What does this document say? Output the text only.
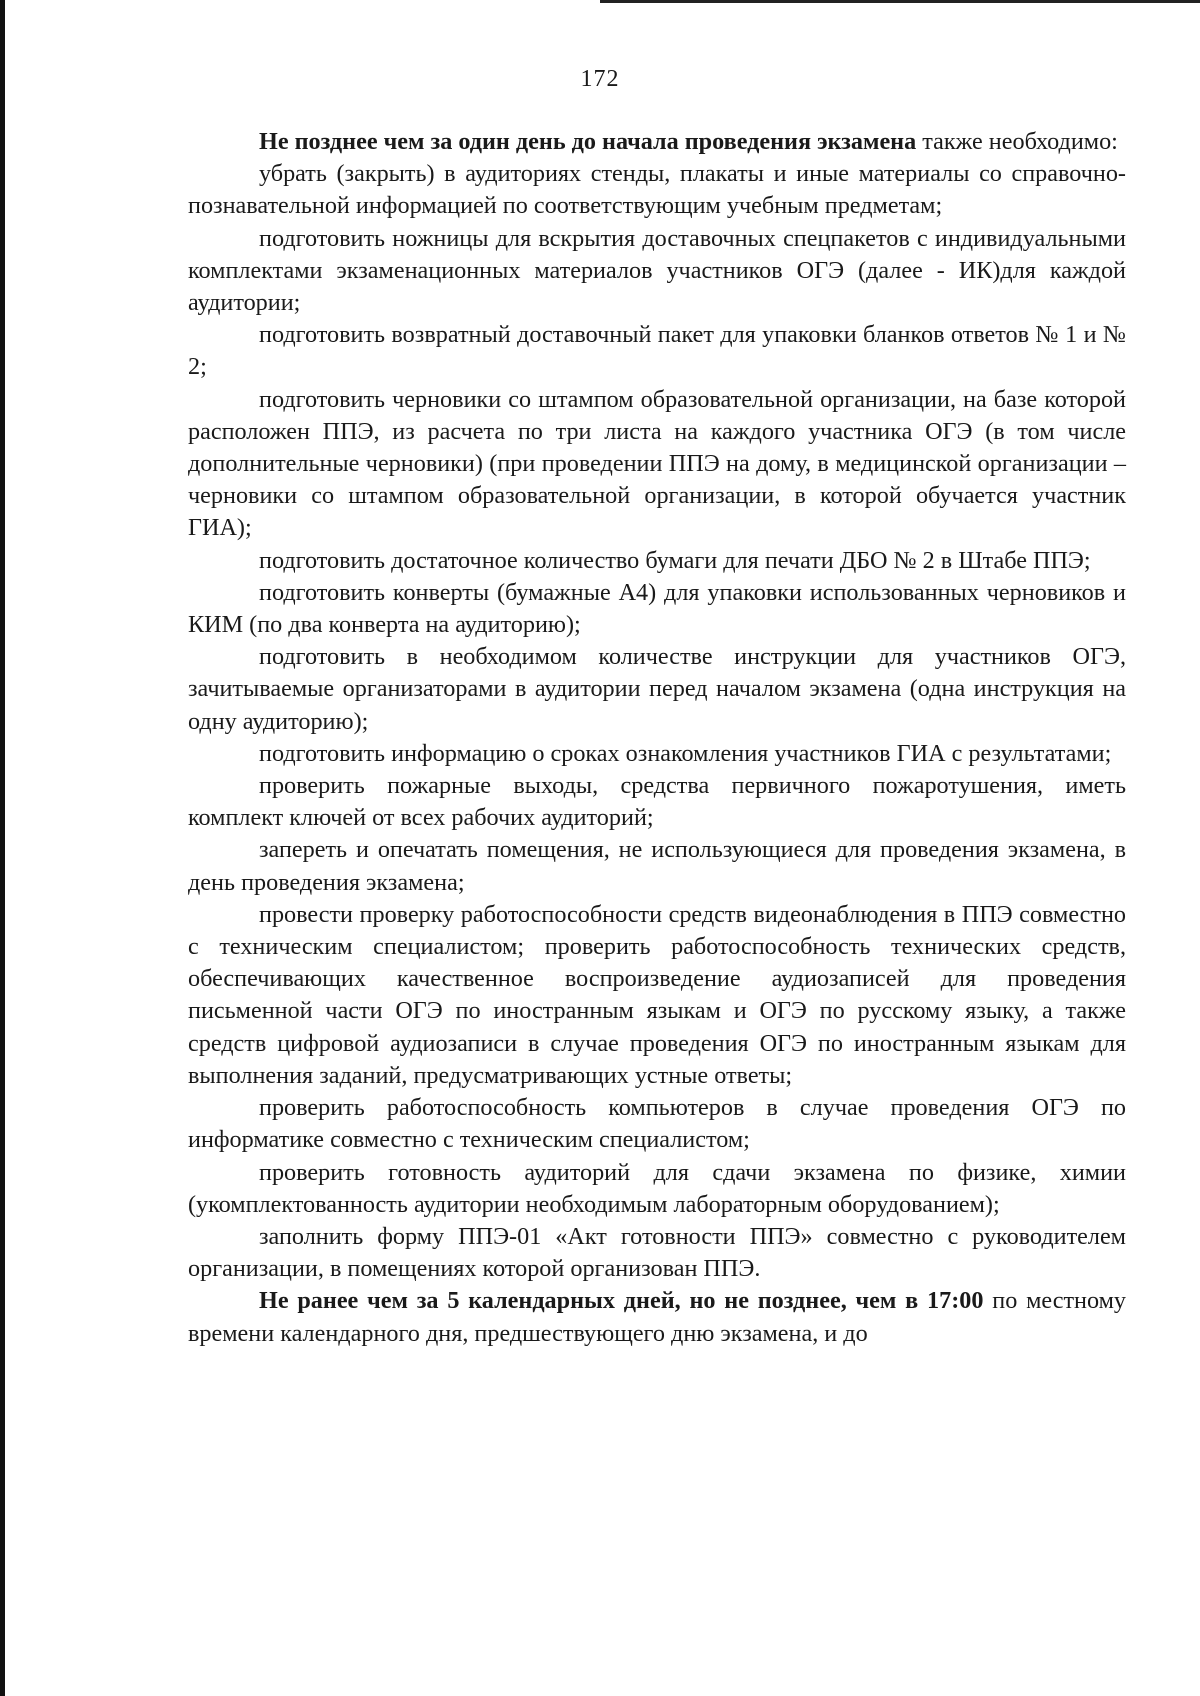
172

Не позднее чем за один день до начала проведения экзамена также необходимо:

убрать (закрыть) в аудиториях стенды, плакаты и иные материалы со справочно-познавательной информацией по соответствующим учебным предметам;

подготовить ножницы для вскрытия доставочных спецпакетов с индивидуальными комплектами экзаменационных материалов участников ОГЭ (далее - ИК)для каждой аудитории;

подготовить возвратный доставочный пакет для упаковки бланков ответов № 1 и № 2;

подготовить черновики со штампом образовательной организации, на базе которой расположен ППЭ, из расчета по три листа на каждого участника ОГЭ (в том числе дополнительные черновики) (при проведении ППЭ на дому, в медицинской организации – черновики со штампом образовательной организации, в которой обучается участник ГИА);

подготовить достаточное количество бумаги для печати ДБО № 2 в Штабе ППЭ;

подготовить конверты (бумажные А4) для упаковки использованных черновиков и КИМ (по два конверта на аудиторию);

подготовить в необходимом количестве инструкции для участников ОГЭ, зачитываемые организаторами в аудитории перед началом экзамена (одна инструкция на одну аудиторию);

подготовить информацию о сроках ознакомления участников ГИА с результатами;

проверить пожарные выходы, средства первичного пожаротушения, иметь комплект ключей от всех рабочих аудиторий;

запереть и опечатать помещения, не использующиеся для проведения экзамена, в день проведения экзамена;

провести проверку работоспособности средств видеонаблюдения в ППЭ совместно с техническим специалистом; проверить работоспособность технических средств, обеспечивающих качественное воспроизведение аудиозаписей для проведения письменной части ОГЭ по иностранным языкам и ОГЭ по русскому языку, а также средств цифровой аудиозаписи в случае проведения ОГЭ по иностранным языкам для выполнения заданий, предусматривающих устные ответы;

проверить работоспособность компьютеров в случае проведения ОГЭ по информатике совместно с техническим специалистом;

проверить готовность аудиторий для сдачи экзамена по физике, химии (укомплектованность аудитории необходимым лабораторным оборудованием);

заполнить форму ППЭ-01 «Акт готовности ППЭ» совместно с руководителем организации, в помещениях которой организован ППЭ.

Не ранее чем за 5 календарных дней, но не позднее, чем в 17:00 по местному времени календарного дня, предшествующего дню экзамена, и до
